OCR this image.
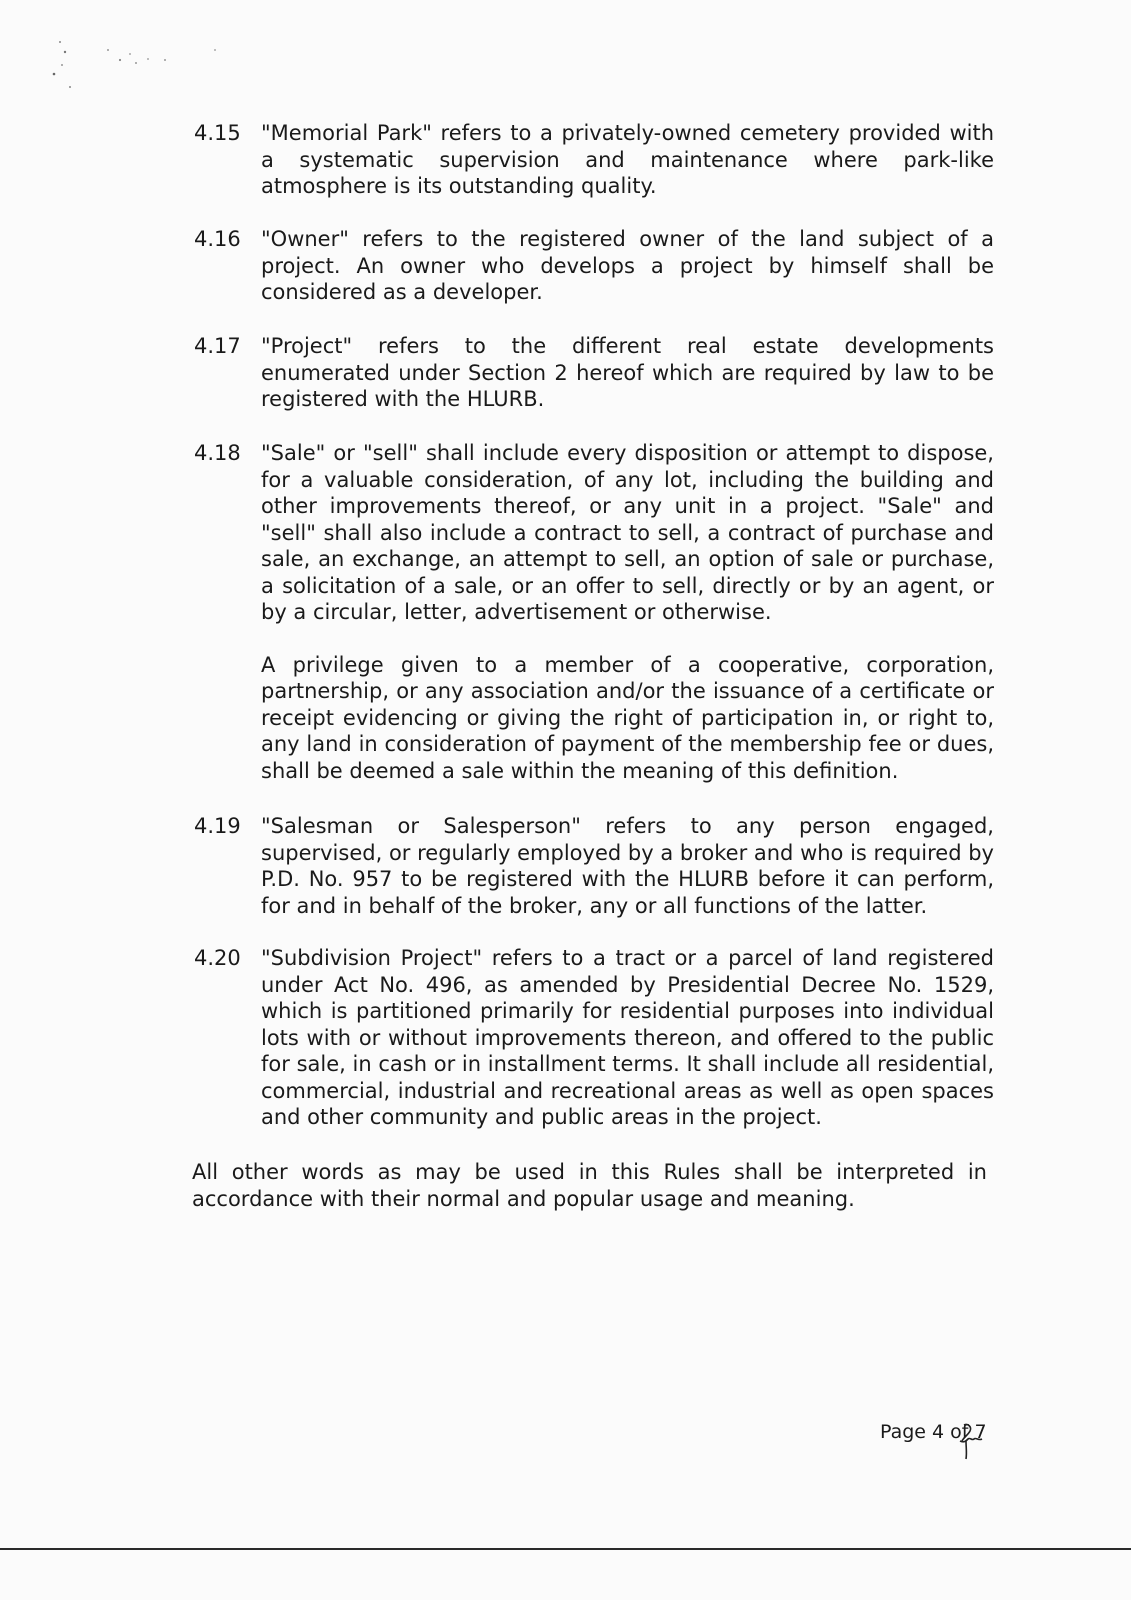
4.15 "Memorial Park" refers to a privately-owned cemetery provided with a systematic supervision and maintenance where park-like atmosphere is its outstanding quality.

4.16 "Owner" refers to the registered owner of the land subject of a project. An owner who develops a project by himself shall be considered as a developer.

4.17 "Project" refers to the different real estate developments enumerated under Section 2 hereof which are required by law to be registered with the HLURB.

4.18 "Sale" or "sell" shall include every disposition or attempt to dispose, for a valuable consideration, of any lot, including the building and other improvements thereof, or any unit in a project. "Sale" and "sell" shall also include a contract to sell, a contract of purchase and sale, an exchange, an attempt to sell, an option of sale or purchase, a solicitation of a sale, or an offer to sell, directly or by an agent, or by a circular, letter, advertisement or otherwise.

A privilege given to a member of a cooperative, corporation, partnership, or any association and/or the issuance of a certificate or receipt evidencing or giving the right of participation in, or right to, any land in consideration of payment of the membership fee or dues, shall be deemed a sale within the meaning of this definition.

4.19 "Salesman or Salesperson" refers to any person engaged, supervised, or regularly employed by a broker and who is required by P.D. No. 957 to be registered with the HLURB before it can perform, for and in behalf of the broker, any or all functions of the latter.

4.20 "Subdivision Project" refers to a tract or a parcel of land registered under Act No. 496, as amended by Presidential Decree No. 1529, which is partitioned primarily for residential purposes into individual lots with or without improvements thereon, and offered to the public for sale, in cash or in installment terms. It shall include all residential, commercial, industrial and recreational areas as well as open spaces and other community and public areas in the project.

All other words as may be used in this Rules shall be interpreted in accordance with their normal and popular usage and meaning.

Page 4 of 7
